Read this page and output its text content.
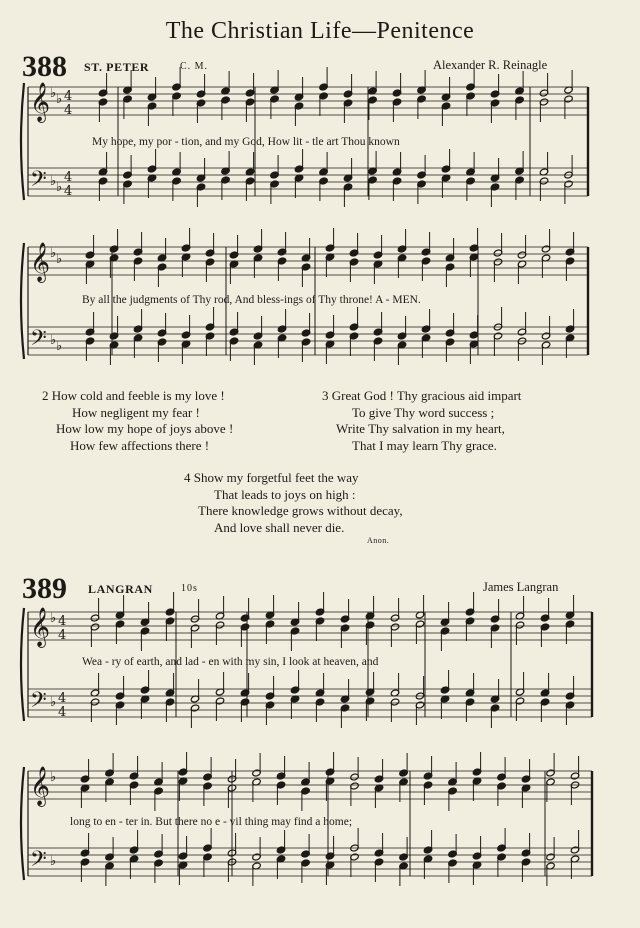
The Christian Life—Penitence
388 ST. PETER	C. M.	Alexander R. Reinagle
𝄞
𝄢
♭
♭
♭
♭
4
4
4
4
𝄞
𝄢
♭
♭
♭
♭
𝄞
𝄢
♭
♭
4
4
4
4
𝄞
𝄢
♭
♭
My hope, my por - tion, and my God, How lit - tle art Thou known
By all the judgments of Thy rod, And bless-ings of Thy throne! A - MEN.
2 How cold and feeble is my love !
How negligent my fear !
How low my hope of joys above !
How few affections there !
3 Great God ! Thy gracious aid impart
To give Thy word success ;
Write Thy salvation in my heart,
That I may learn Thy grace.
4 Show my forgetful feet the way
That leads to joys on high :
There knowledge grows without decay,
And love shall never die.
Anon.
389 LANGRAN	10s	James Langran
Wea - ry of earth, and lad - en with my sin, I look at heaven, and
long to en - ter in. But there no e - vil thing may find a home;
